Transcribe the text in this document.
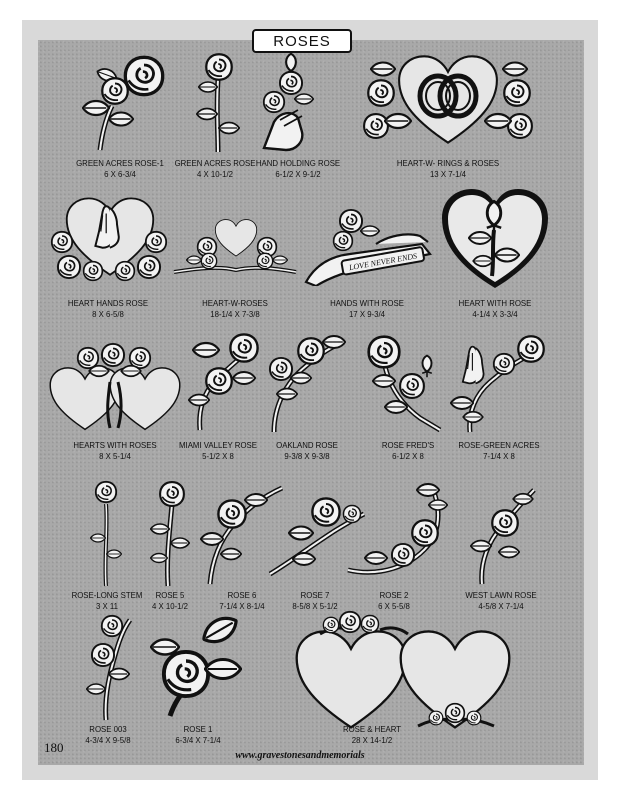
ROSES
GREEN ACRES ROSE-1
6 X 6-3/4
GREEN ACRES ROSE
4 X 10-1/2
HAND HOLDING ROSE
6-1/2 X 9-1/2
HEART-W- RINGS & ROSES
13 X 7-1/4
HEART HANDS ROSE
8 X 6-5/8
HEART-W-ROSES
18-1/4 X 7-3/8
LOVE NEVER ENDS
HANDS WITH ROSE
17 X 9-3/4
HEART WITH ROSE
4-1/4 X 3-3/4
HEARTS WITH ROSES
8 X 5-1/4
MIAMI VALLEY ROSE
5-1/2 X 8
OAKLAND ROSE
9-3/8 X 9-3/8
ROSE FRED'S
6-1/2 X 8
ROSE-GREEN ACRES
7-1/4 X 8
ROSE-LONG STEM
3 X 11
ROSE 5
4 X 10-1/2
ROSE 6
7-1/4 X 8-1/4
ROSE 7
8-5/8 X 5-1/2
ROSE 2
6 X 5-5/8
WEST LAWN ROSE
4-5/8 X 7-1/4
ROSE 003
4-3/4 X 9-5/8
ROSE 1
6-3/4 X 7-1/4
ROSE & HEART
28 X 14-1/2
180
www.gravestonesandmemorials
